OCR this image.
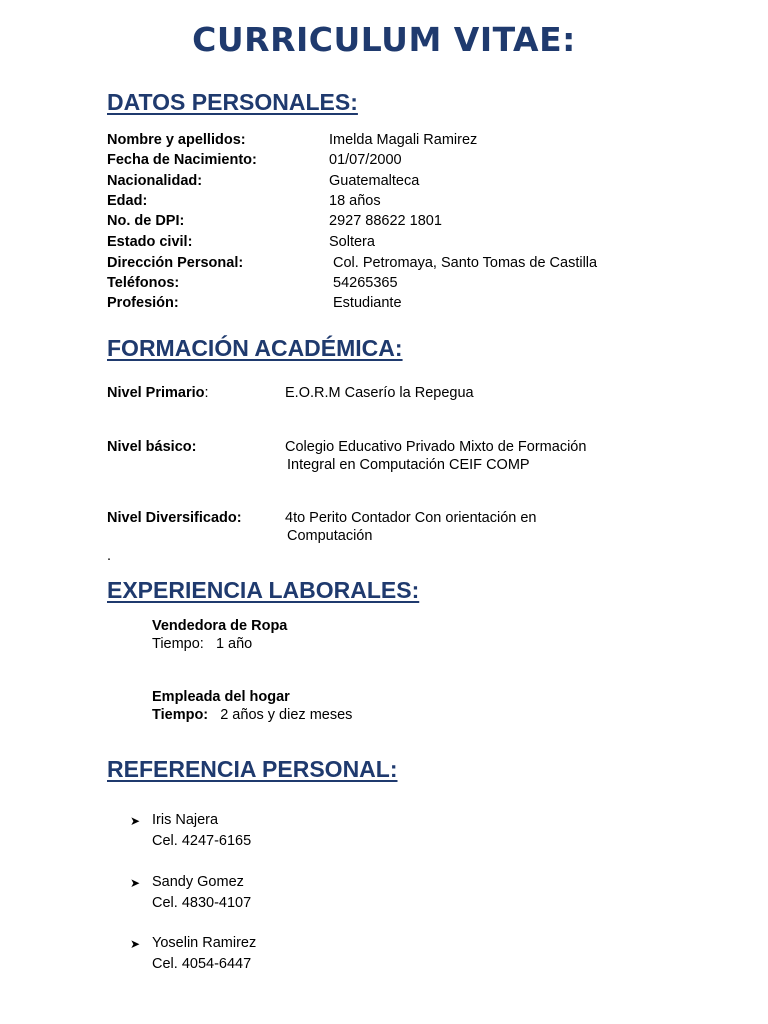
CURRICULUM VITAE:
DATOS PERSONALES:
Nombre y apellidos:	Imelda Magali Ramirez
Fecha de Nacimiento:	01/07/2000
Nacionalidad:	Guatemalteca
Edad:	18 años
No. de DPI:	2927 88622 1801
Estado civil:	Soltera
Dirección Personal:	Col. Petromaya, Santo Tomas de Castilla
Teléfonos:	54265365
Profesión:	Estudiante
FORMACIÓN ACADÉMICA:
Nivel Primario:	E.O.R.M Caserío la Repegua
Nivel básico:	Colegio Educativo Privado Mixto de Formación
Integral en Computación CEIF COMP
Nivel Diversificado:	4to Perito Contador Con orientación en
Computación
.
EXPERIENCIA LABORALES:
Vendedora de Ropa
Tiempo: 1 año
Empleada del hogar
Tiempo: 2 años y diez meses
REFERENCIA PERSONAL:
➤ Iris Najera
Cel. 4247-6165
➤ Sandy Gomez
Cel. 4830-4107
➤ Yoselin Ramirez
Cel. 4054-6447
